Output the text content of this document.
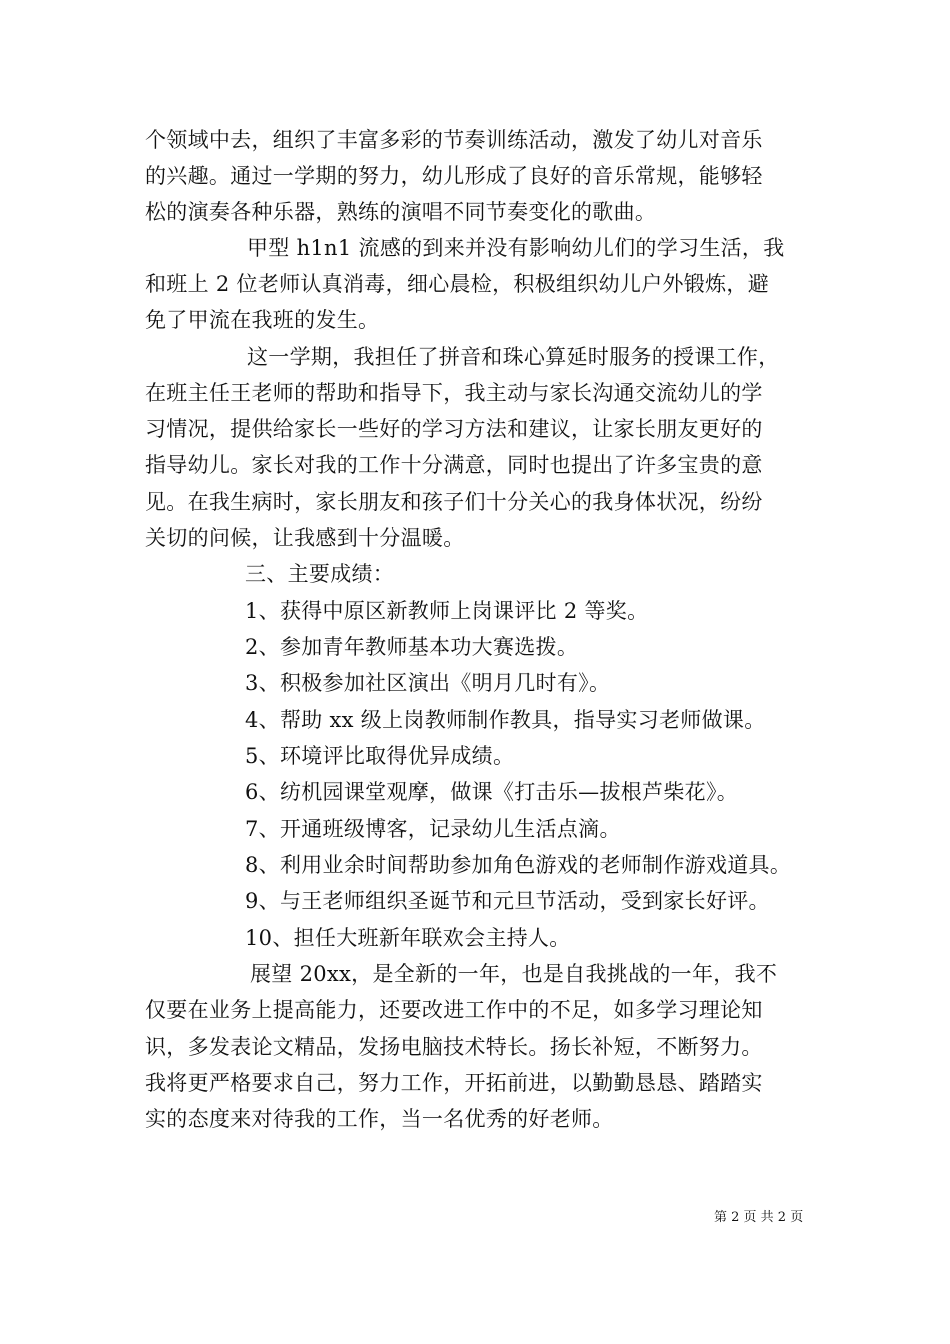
个领域中去，组织了丰富多彩的节奏训练活动，激发了幼儿对音乐
的兴趣。通过一学期的努力，幼儿形成了良好的音乐常规，能够轻
松的演奏各种乐器，熟练的演唱不同节奏变化的歌曲。
甲型 h1n1 流感的到来并没有影响幼儿们的学习生活，我
和班上 2 位老师认真消毒，细心晨检，积极组织幼儿户外锻炼，避
免了甲流在我班的发生。
这一学期，我担任了拼音和珠心算延时服务的授课工作，
在班主任王老师的帮助和指导下，我主动与家长沟通交流幼儿的学
习情况，提供给家长一些好的学习方法和建议，让家长朋友更好的
指导幼儿。家长对我的工作十分满意，同时也提出了许多宝贵的意
见。在我生病时，家长朋友和孩子们十分关心的我身体状况，纷纷
关切的问候，让我感到十分温暖。
三、主要成绩：
1、获得中原区新教师上岗课评比 2 等奖。
2、参加青年教师基本功大赛选拨。
3、积极参加社区演出《明月几时有》。
4、帮助 xx 级上岗教师制作教具，指导实习老师做课。
5、环境评比取得优异成绩。
6、纺机园课堂观摩，做课《打击乐—拔根芦柴花》。
7、开通班级博客，记录幼儿生活点滴。
8、利用业余时间帮助参加角色游戏的老师制作游戏道具。
9、与王老师组织圣诞节和元旦节活动，受到家长好评。
10、担任大班新年联欢会主持人。
展望 20xx，是全新的一年，也是自我挑战的一年，我不
仅要在业务上提高能力，还要改进工作中的不足，如多学习理论知
识，多发表论文精品，发扬电脑技术特长。扬长补短，不断努力。
我将更严格要求自己，努力工作，开拓前进，以勤勤恳恳、踏踏实
实的态度来对待我的工作，当一名优秀的好老师。
第 2 页 共 2 页
